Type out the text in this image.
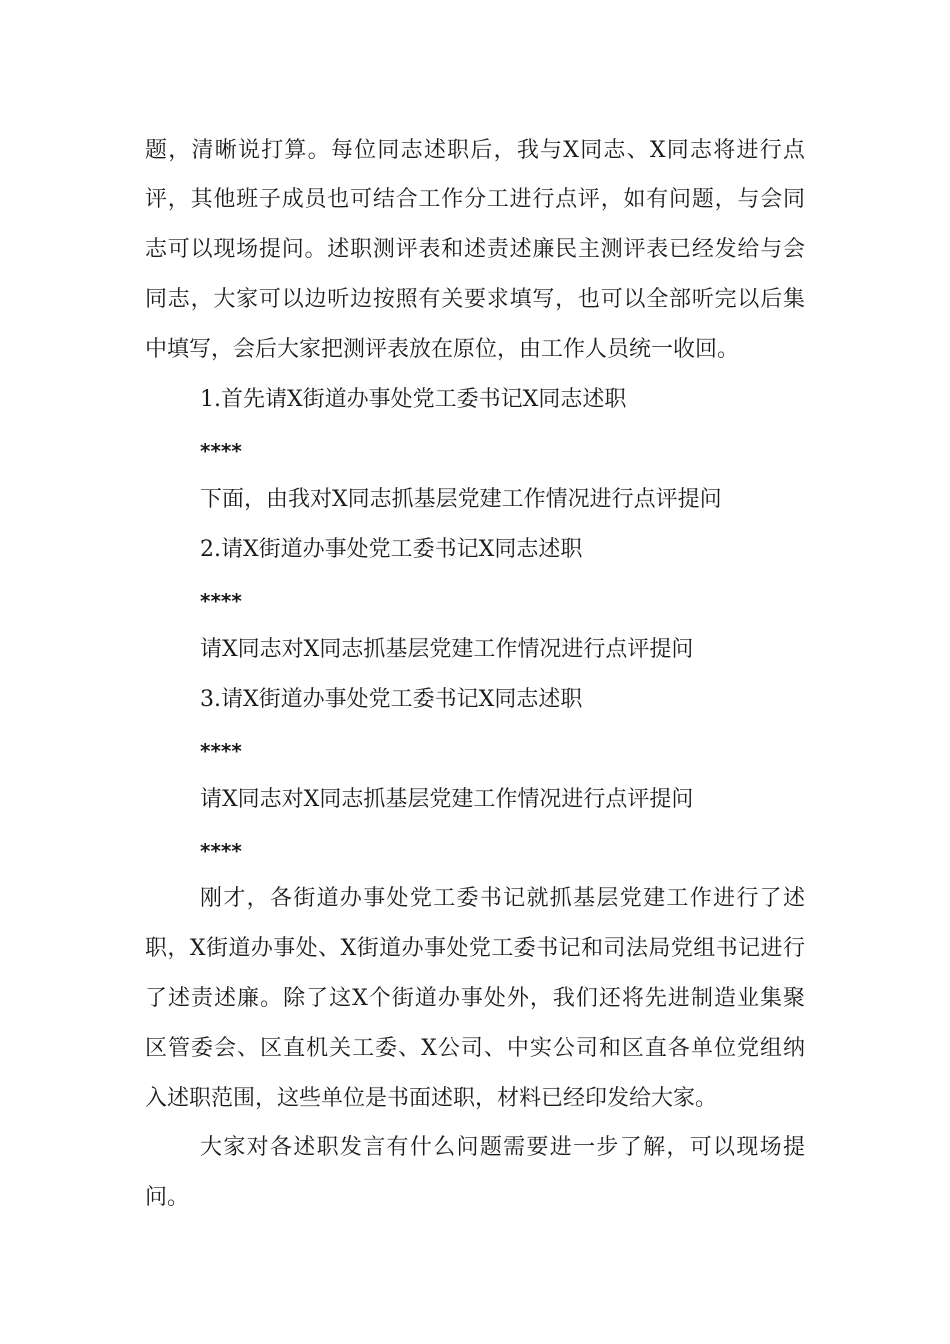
题，清晰说打算。每位同志述职后，我与X同志、X同志将进行点
评，其他班子成员也可结合工作分工进行点评，如有问题，与会同
志可以现场提问。述职测评表和述责述廉民主测评表已经发给与会
同志，大家可以边听边按照有关要求填写，也可以全部听完以后集
中填写，会后大家把测评表放在原位，由工作人员统一收回。
1.首先请X街道办事处党工委书记X同志述职
****
下面，由我对X同志抓基层党建工作情况进行点评提问
2.请X街道办事处党工委书记X同志述职
****
请X同志对X同志抓基层党建工作情况进行点评提问
3.请X街道办事处党工委书记X同志述职
****
请X同志对X同志抓基层党建工作情况进行点评提问
****
刚才，各街道办事处党工委书记就抓基层党建工作进行了述
职，X街道办事处、X街道办事处党工委书记和司法局党组书记进行
了述责述廉。除了这X个街道办事处外，我们还将先进制造业集聚
区管委会、区直机关工委、X公司、中实公司和区直各单位党组纳
入述职范围，这些单位是书面述职，材料已经印发给大家。
大家对各述职发言有什么问题需要进一步了解，可以现场提
问。
